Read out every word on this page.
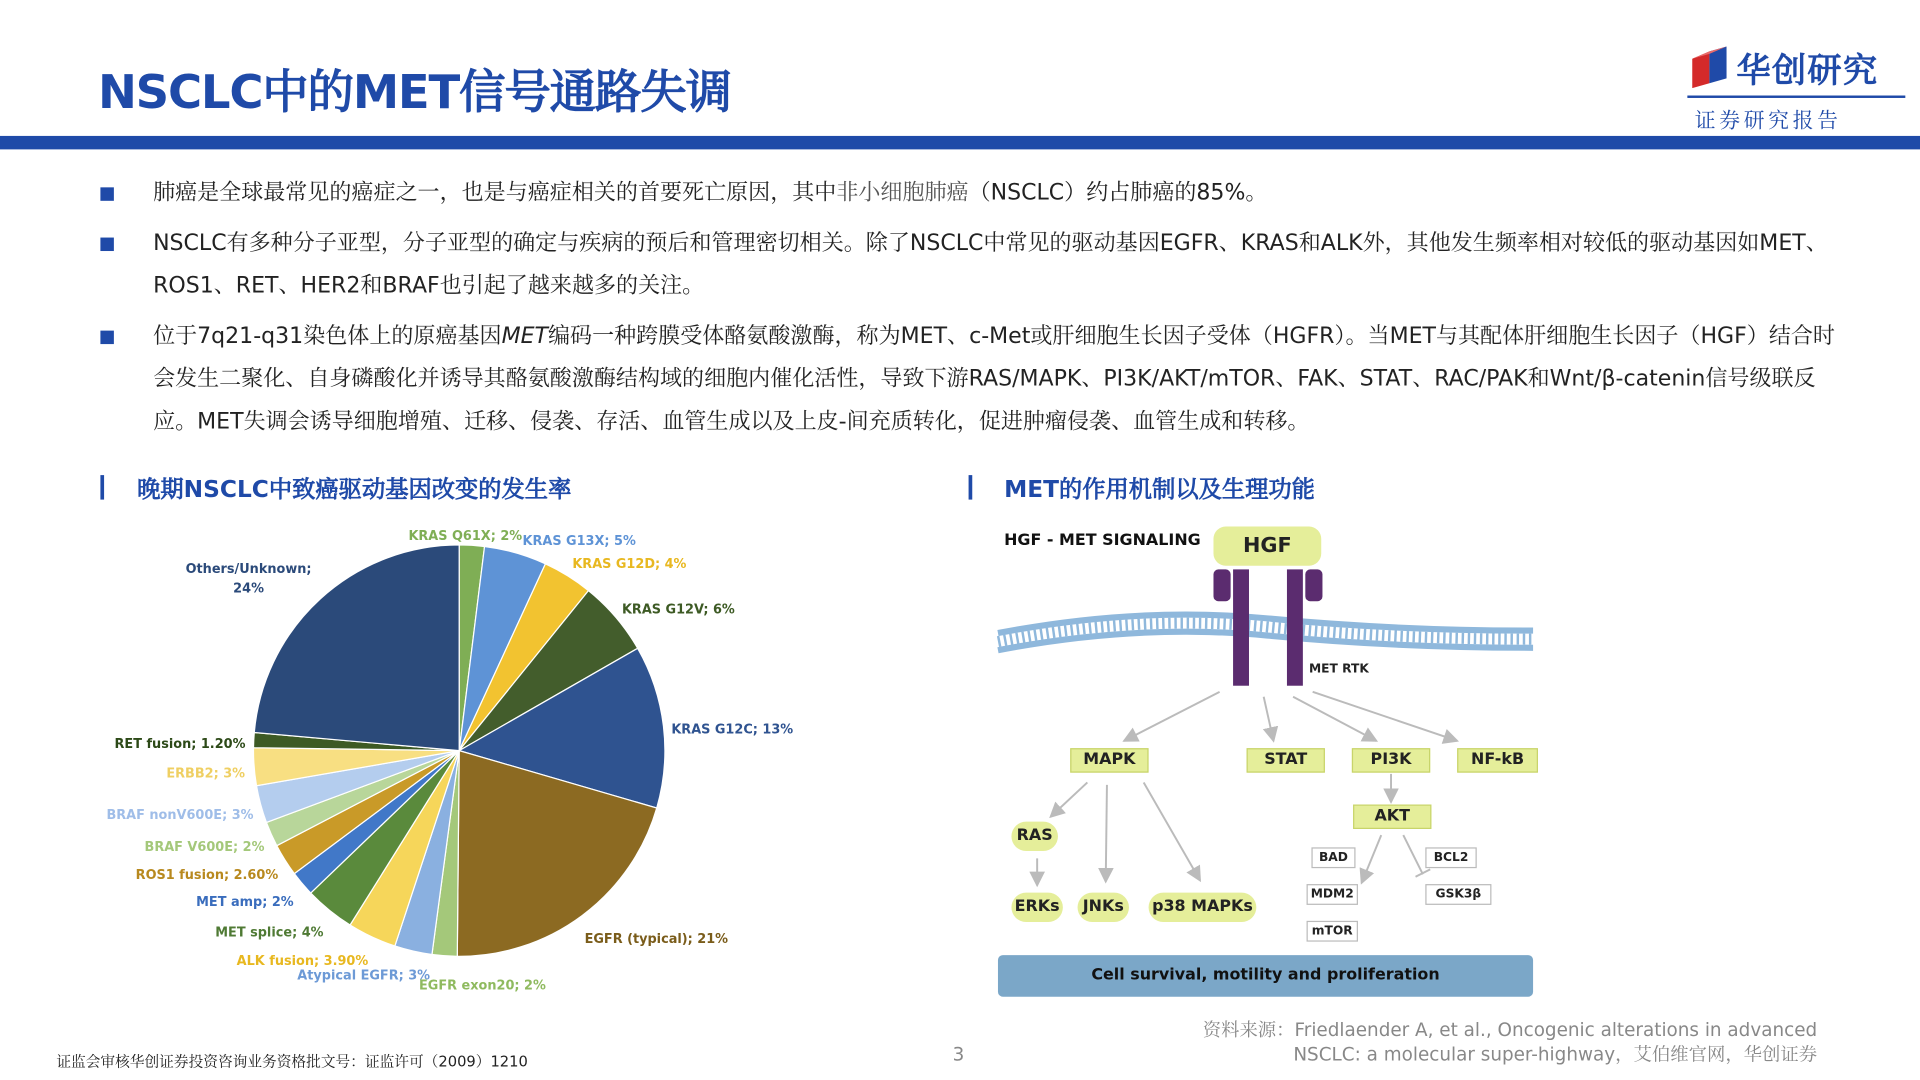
NSCLC中的MET信号通路失调	华创研究
证券研究报告
肺癌是全球最常见的癌症之一，也是与癌症相关的首要死亡原因，其中非小细胞肺癌（NSCLC）约占肺癌的85%。
NSCLC有多种分子亚型，分子亚型的确定与疾病的预后和管理密切相关。除了NSCLC中常见的驱动基因EGFR、KRAS和ALK外，其他发生频率相对较低的驱动基因如MET、ROS1、RET、HER2和BRAF也引起了越来越多的关注。
位于7q21-q31染色体上的原癌基因MET编码一种跨膜受体酪氨酸激酶，称为MET、c-Met或肝细胞生长因子受体（HGFR）。当MET与其配体肝细胞生长因子（HGF）结合时会发生二聚化、自身磷酸化并诱导其酪氨酸激酶结构域的细胞内催化活性，导致下游RAS/MAPK、PI3K/AKT/mTOR、FAK、STAT、RAC/PAK和Wnt/β-catenin信号级联反应。MET失调会诱导细胞增殖、迁移、侵袭、存活、血管生成以及上皮-间充质转化，促进肿瘤侵袭、血管生成和转移。
晚期NSCLC中致癌驱动基因改变的发生率	MET的作用机制以及生理功能
KRAS Q61X; 2% KRAS G13X; 5%
KRAS G12D; 4%
KRAS G12V; 6%
KRAS G12C; 13%
EGFR (typical); 21%
EGFR exon20; 2%
Atypical EGFR; 3%
ALK fusion; 3.90%
MET splice; 4%
MET amp; 2%
ROS1 fusion; 2.60%
BRAF V600E; 2%
BRAF nonV600E; 3%
ERBB2; 3%
RET fusion; 1.20%
Others/Unknown;
24%
HGF - MET SIGNALING	HGF
MET RTK
MAPK	STAT	PI3K	NF-kB
AKT
RAS
ERKs	JNKs	p38 MAPKs
BAD
MDM2
mTOR
BCL2
GSK3β
Cell survival, motility and proliferation
资料来源：Friedlaender A, et al., Oncogenic alterations in advanced
NSCLC: a molecular super-highway，艾伯维官网，华创证券
3
证监会审核华创证券投资咨询业务资格批文号：证监许可（2009）1210
